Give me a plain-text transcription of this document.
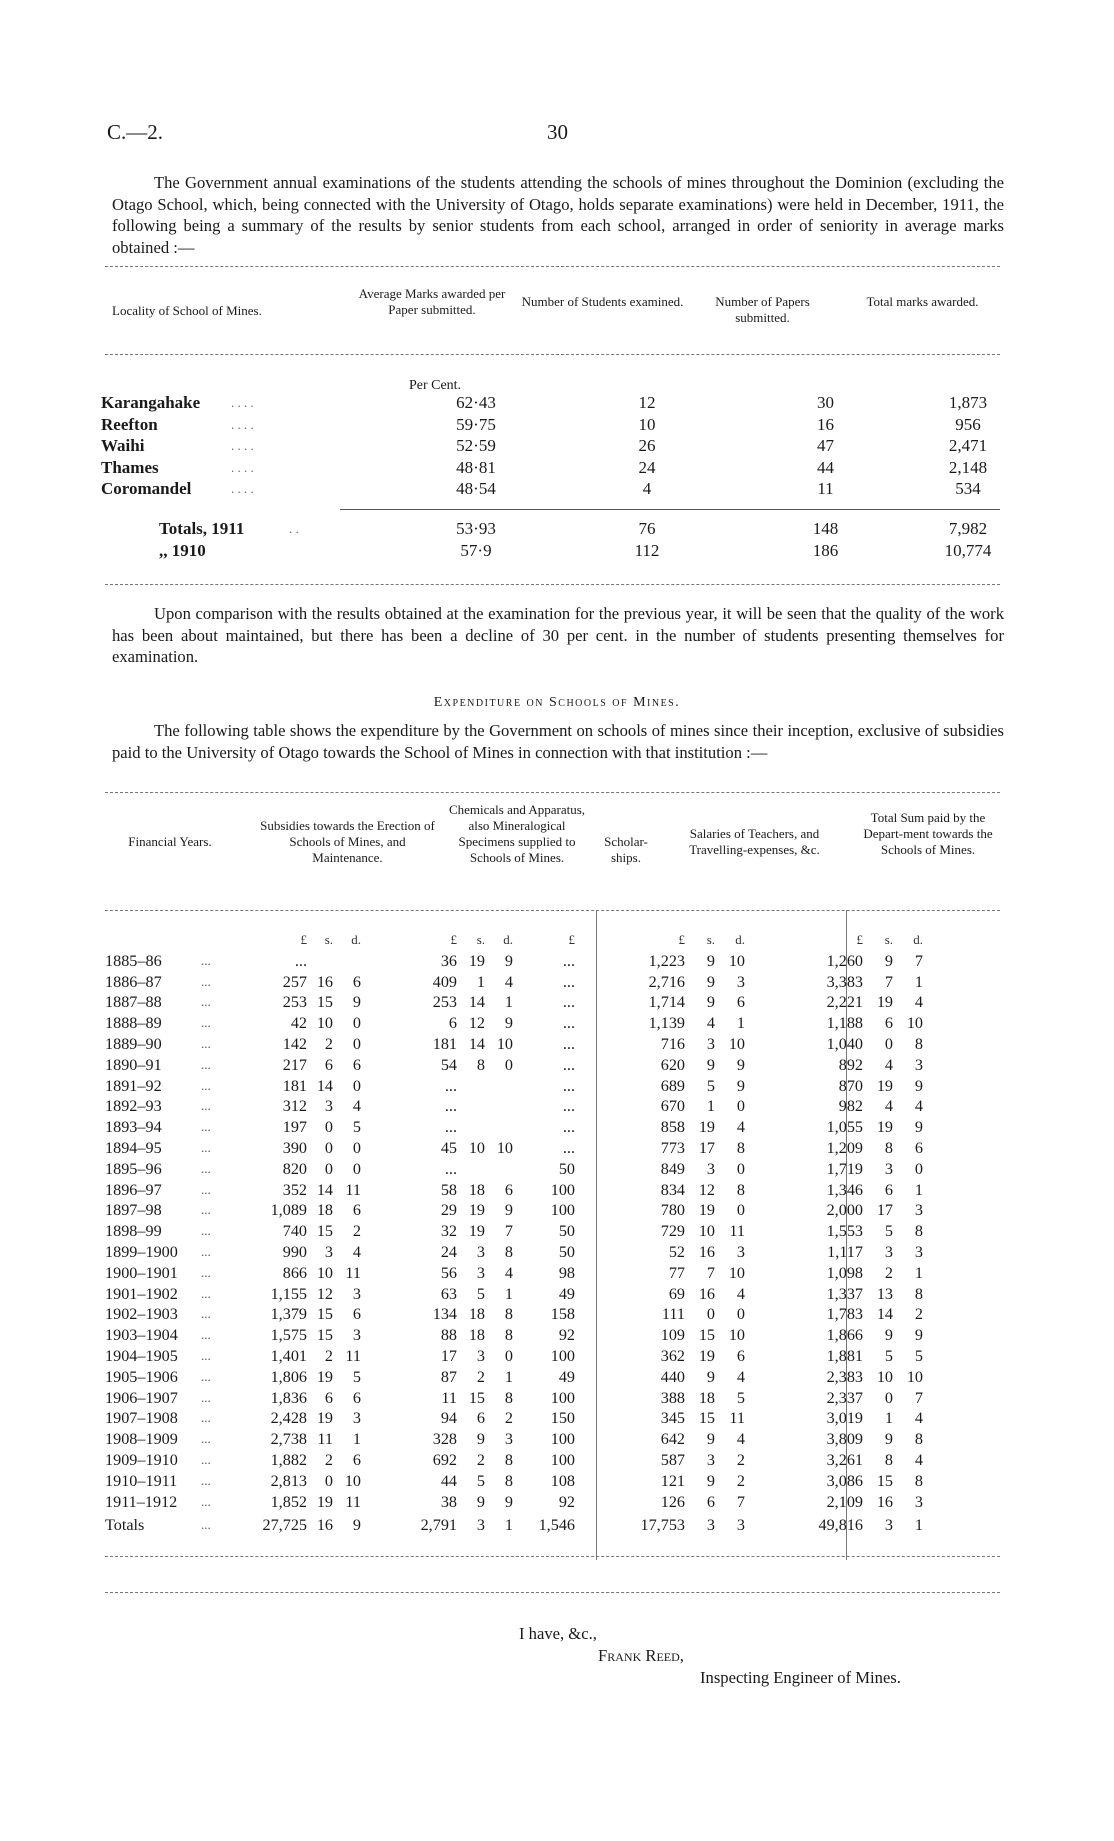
C.—2.	30

The Government annual examinations of the students attending the schools of mines throughout the Dominion (excluding the Otago School, which, being connected with the University of Otago, holds separate examinations) were held in December, 1911, the following being a summary of the results by senior students from each school, arranged in order of seniority in average marks obtained :—

Locality of School of Mines.
Average Marks awarded per Paper submitted.
Number of Students examined.	Number of Papers submitted.
Total marks awarded.
Per Cent.
Karangahake	. . . .	62·43	12	30	1,873
Reefton	. . . .	59·75	10	16	956
Waihi	. . . .	52·59	26	47	2,471
Thames	. . . .	48·81	24	44	2,148
Coromandel	. . . .	48·54	4	11	534
Totals, 1911	. .	53·93	76	148	7,982
,, 1910		57·9	112	186	10,774

Upon comparison with the results obtained at the examination for the previous year, it will be seen that the quality of the work has been about maintained, but there has been a decline of 30 per cent. in the number of students presenting themselves for examination.

Expenditure on Schools of Mines.

The following table shows the expenditure by the Government on schools of mines since their inception, exclusive of subsidies paid to the University of Otago towards the School of Mines in connection with that institution :—

Financial Years.
Subsidies towards the Erection of Schools of Mines, and Maintenance.
Chemicals and Apparatus, also Mineralogical Specimens supplied to Schools of Mines.
Scholar-ships.
Salaries of Teachers, and Travelling-expenses, &c.
Total Sum paid by the Depart-ment towards the Schools of Mines.
		£	s.	d.		£	s.	d.	£		£	s.	d.		£	s.	d.
1885–86	...	...				36	19	9	...		1,223	9	10		1,260	9	7
1886–87	...	257	16	6		409	1	4	...		2,716	9	3		3,383	7	1
1887–88	...	253	15	9		253	14	1	...		1,714	9	6		2,221	19	4
1888–89	...	42	10	0		6	12	9	...		1,139	4	1		1,188	6	10
1889–90	...	142	2	0		181	14	10	...		716	3	10		1,040	0	8
1890–91	...	217	6	6		54	8	0	...		620	9	9		892	4	3
1891–92	...	181	14	0		...			...		689	5	9		870	19	9
1892–93	...	312	3	4		...			...		670	1	0		982	4	4
1893–94	...	197	0	5		...			...		858	19	4		1,055	19	9
1894–95	...	390	0	0		45	10	10	...		773	17	8		1,209	8	6
1895–96	...	820	0	0		...			50		849	3	0		1,719	3	0
1896–97	...	352	14	11		58	18	6	100		834	12	8		1,346	6	1
1897–98	...	1,089	18	6		29	19	9	100		780	19	0		2,000	17	3
1898–99	...	740	15	2		32	19	7	50		729	10	11		1,553	5	8
1899–1900	...	990	3	4		24	3	8	50		52	16	3		1,117	3	3
1900–1901	...	866	10	11		56	3	4	98		77	7	10		1,098	2	1
1901–1902	...	1,155	12	3		63	5	1	49		69	16	4		1,337	13	8
1902–1903	...	1,379	15	6		134	18	8	158		111	0	0		1,783	14	2
1903–1904	...	1,575	15	3		88	18	8	92		109	15	10		1,866	9	9
1904–1905	...	1,401	2	11		17	3	0	100		362	19	6		1,881	5	5
1905–1906	...	1,806	19	5		87	2	1	49		440	9	4		2,383	10	10
1906–1907	...	1,836	6	6		11	15	8	100		388	18	5		2,337	0	7
1907–1908	...	2,428	19	3		94	6	2	150		345	15	11		3,019	1	4
1908–1909	...	2,738	11	1		328	9	3	100		642	9	4		3,809	9	8
1909–1910	...	1,882	2	6		692	2	8	100		587	3	2		3,261	8	4
1910–1911	...	2,813	0	10		44	5	8	108		121	9	2		3,086	15	8
1911–1912	...	1,852	19	11		38	9	9	92		126	6	7		2,109	16	3
Totals	...	27,725	16	9		2,791	3	1	1,546		17,753	3	3		49,816	3	1
I have, &c.,
Frank Reed,
Inspecting Engineer of Mines.
